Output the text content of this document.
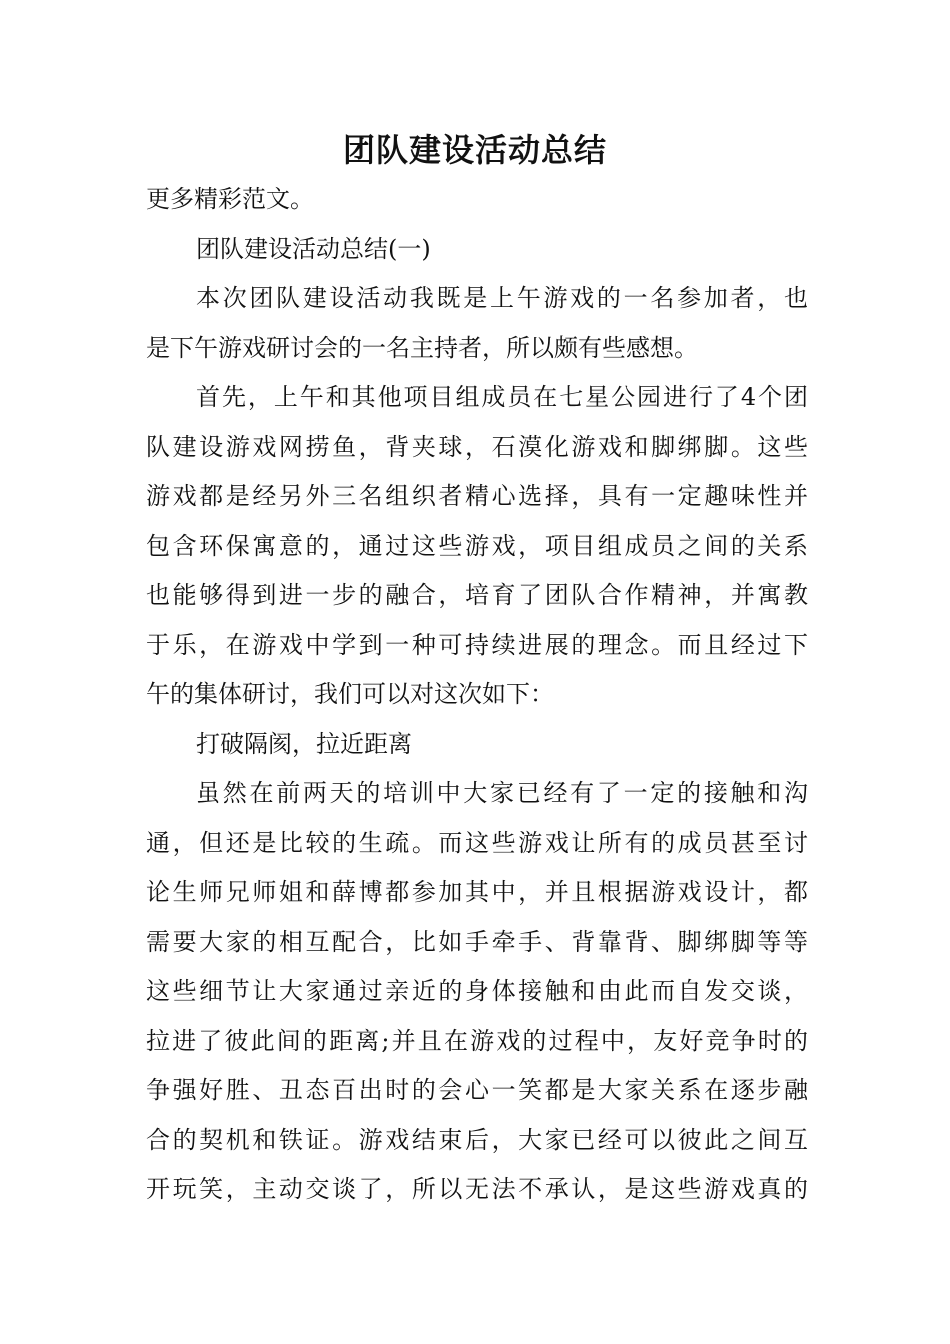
团队建设活动总结
更多精彩范文。
团队建设活动总结(一)
本次团队建设活动我既是上午游戏的一名参加者，也
是下午游戏研讨会的一名主持者，所以颇有些感想。
首先，上午和其他项目组成员在七星公园进行了4个团
队建设游戏网捞鱼，背夹球，石漠化游戏和脚绑脚。这些
游戏都是经另外三名组织者精心选择，具有一定趣味性并
包含环保寓意的，通过这些游戏，项目组成员之间的关系
也能够得到进一步的融合，培育了团队合作精神，并寓教
于乐，在游戏中学到一种可持续进展的理念。而且经过下
午的集体研讨，我们可以对这次如下：
打破隔阂，拉近距离
虽然在前两天的培训中大家已经有了一定的接触和沟
通，但还是比较的生疏。而这些游戏让所有的成员甚至讨
论生师兄师姐和薛博都参加其中，并且根据游戏设计，都
需要大家的相互配合，比如手牵手、背靠背、脚绑脚等等
这些细节让大家通过亲近的身体接触和由此而自发交谈，
拉进了彼此间的距离;并且在游戏的过程中，友好竞争时的
争强好胜、丑态百出时的会心一笑都是大家关系在逐步融
合的契机和铁证。游戏结束后，大家已经可以彼此之间互
开玩笑，主动交谈了，所以无法不承认，是这些游戏真的
